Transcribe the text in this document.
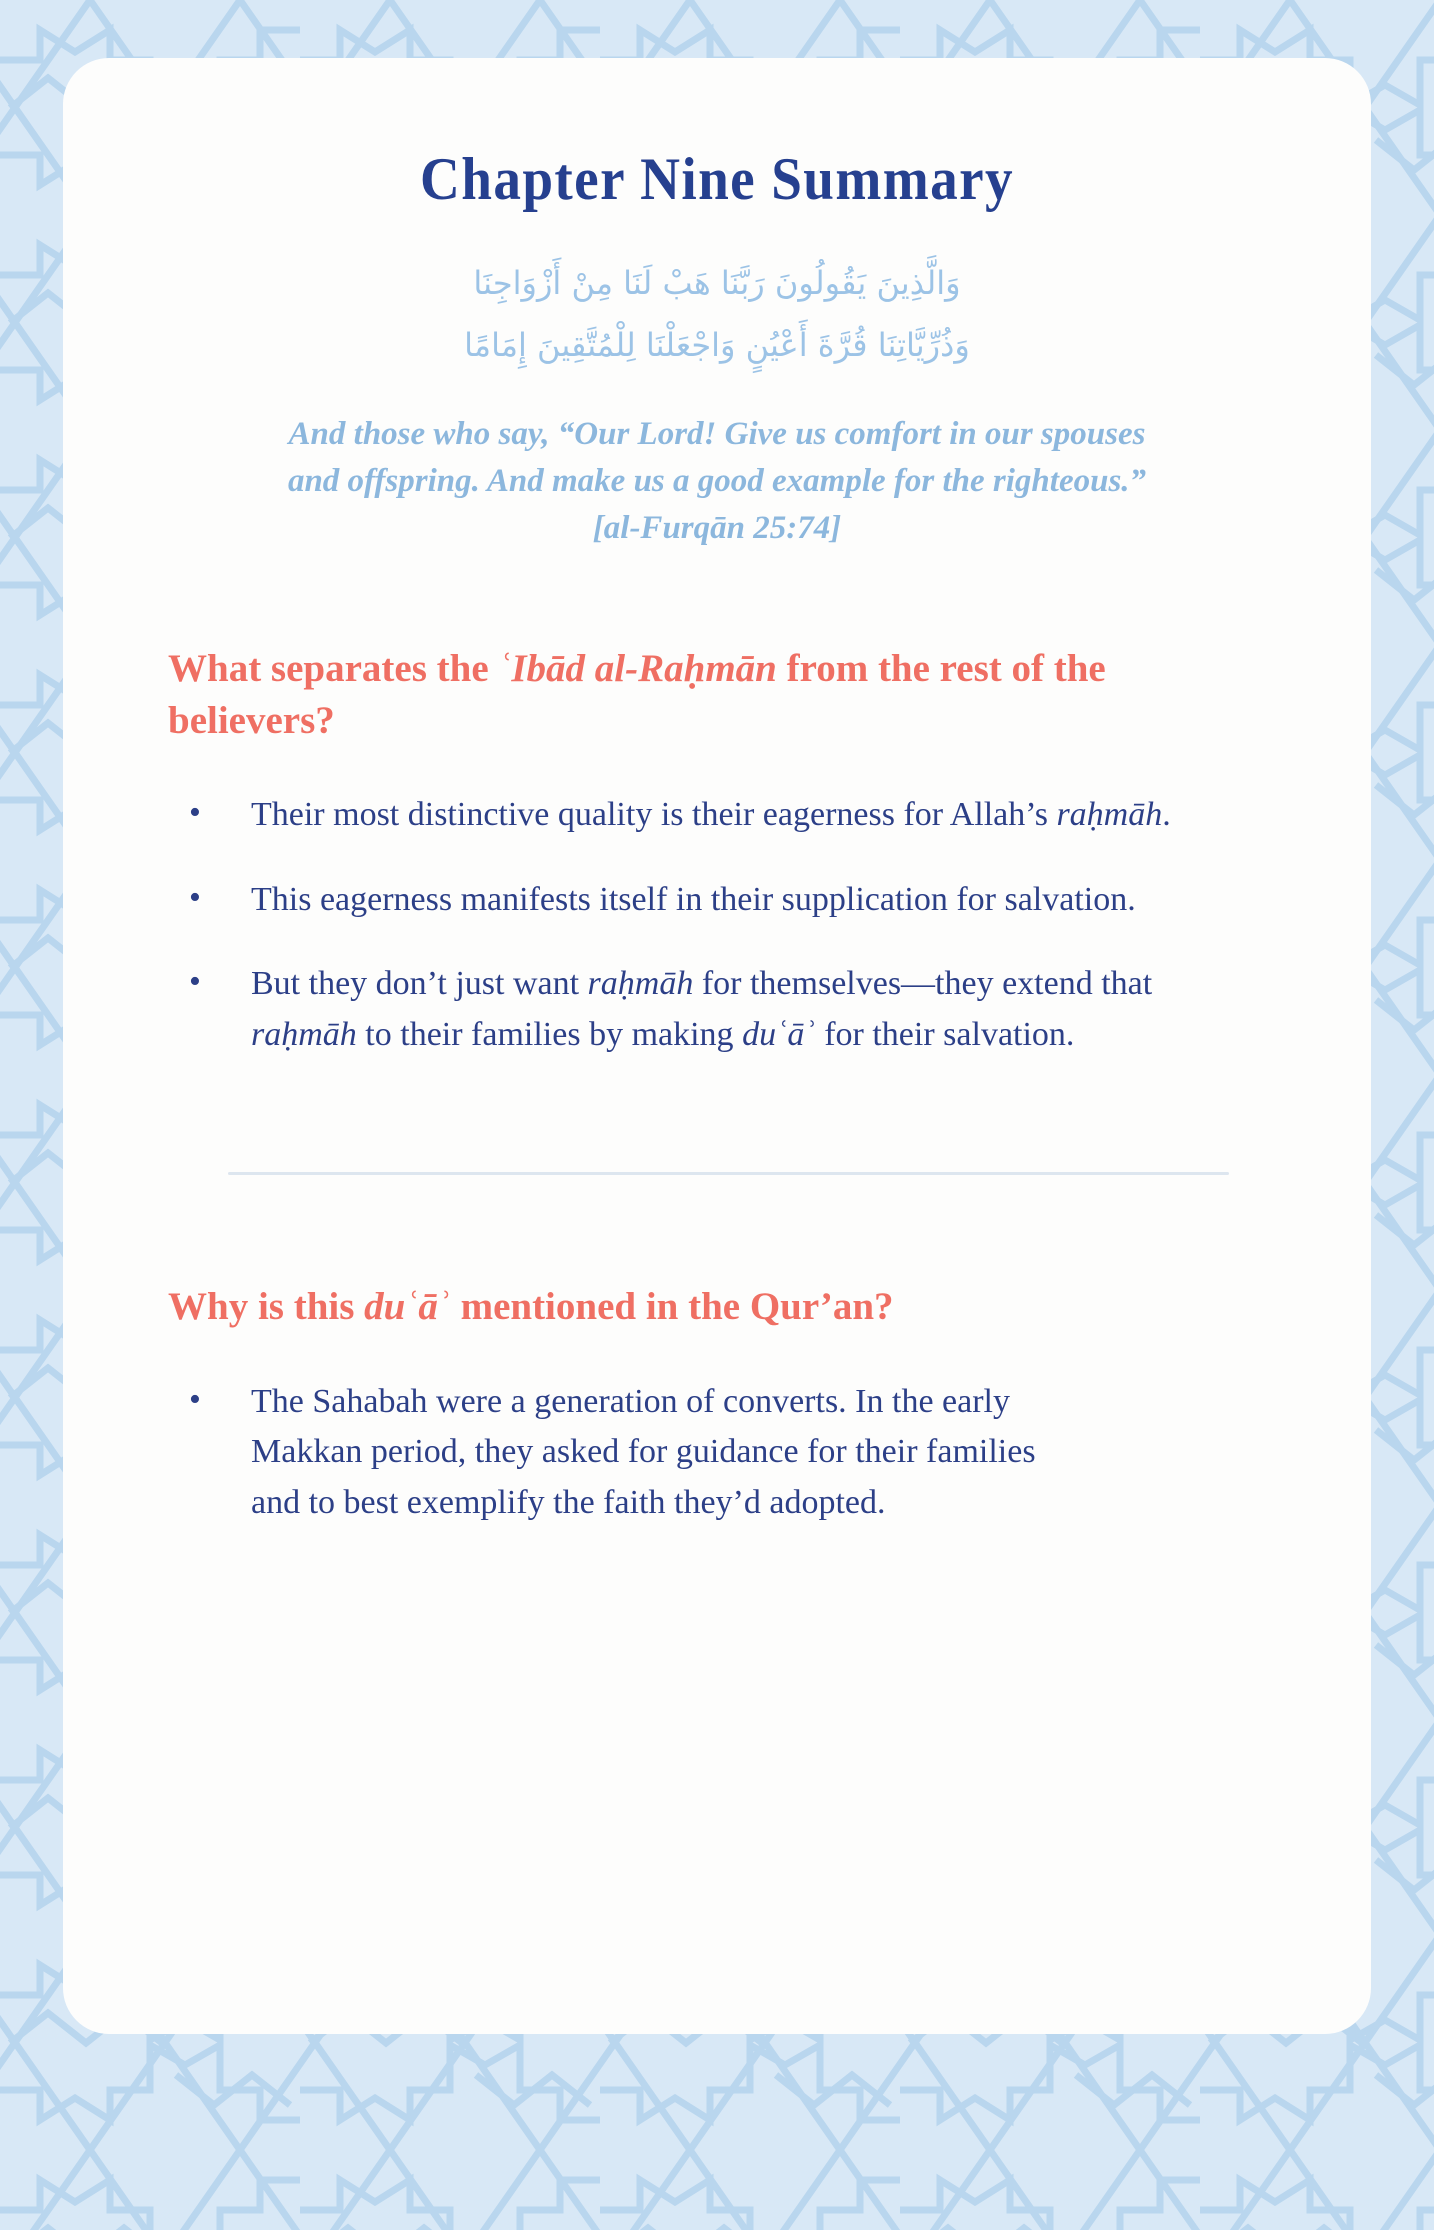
Chapter Nine Summary
وَالَّذِينَ يَقُولُونَ رَبَّنَا هَبْ لَنَا مِنْ أَزْوَاجِنَا
وَذُرِّيَّاتِنَا قُرَّةَ أَعْيُنٍ وَاجْعَلْنَا لِلْمُتَّقِينَ إِمَامًا
And those who say, “Our Lord! Give us comfort in our spouses and offspring. And make us a good example for the righteous.” [al-Furqān 25:74]
What separates the ʿIbād al-Raḥmān from the rest of the believers?
• Their most distinctive quality is their eagerness for Allah’s raḥmāh.
• This eagerness manifests itself in their supplication for salvation.
• But they don’t just want raḥmāh for themselves—they extend that raḥmāh to their families by making duʿāʾ for their salvation.
Why is this duʿāʾ mentioned in the Qur’an?
• The Sahabah were a generation of converts. In the early Makkan period, they asked for guidance for their families and to best exemplify the faith they’d adopted.
